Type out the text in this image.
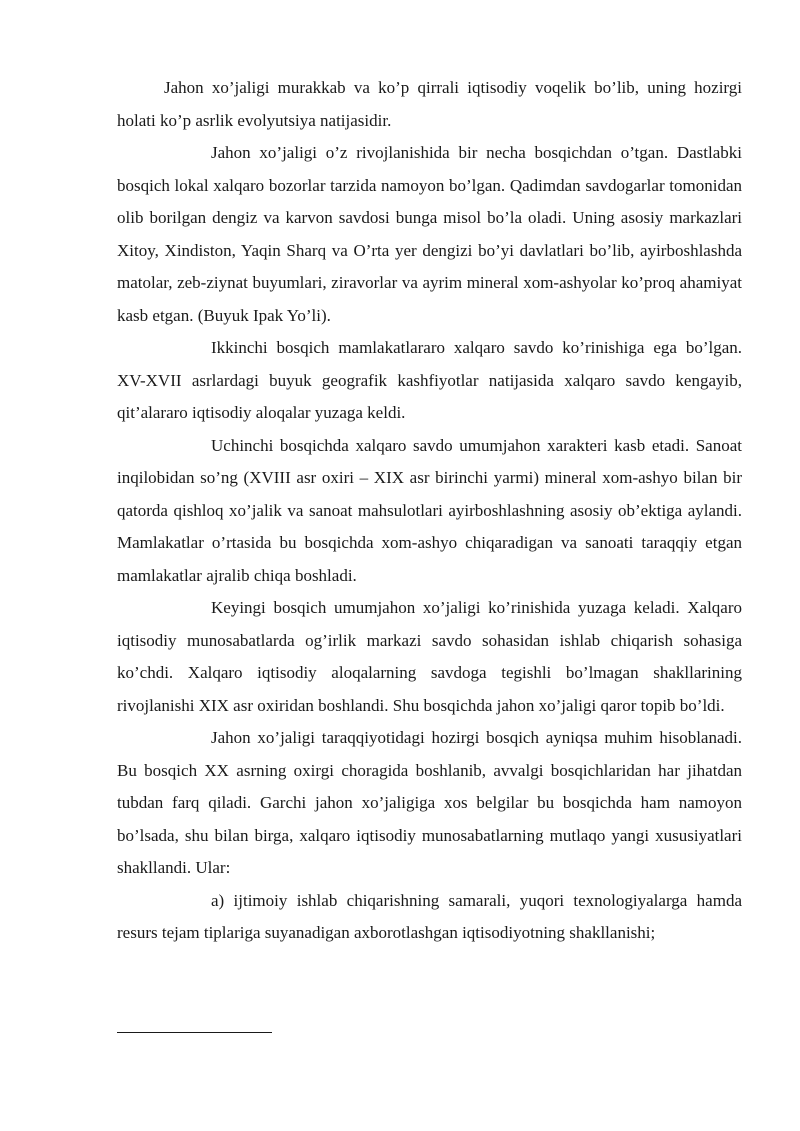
Jahon xo’jaligi murakkab va ko’p qirrali iqtisodiy voqelik bo’lib, uning hozirgi holati ko’p asrlik evolyutsiya natijasidir.

Jahon xo’jaligi o’z rivojlanishida bir necha bosqichdan o’tgan. Dastlabki bosqich lokal xalqaro bozorlar tarzida namoyon bo’lgan. Qadimdan savdogarlar tomonidan olib borilgan dengiz va karvon savdosi bunga misol bo’la oladi. Uning asosiy markazlari Xitoy, Xindiston, Yaqin Sharq va O’rta yer dengizi bo’yi davlatlari bo’lib, ayirboshlashda matolar, zeb-ziynat buyumlari, ziravorlar va ayrim mineral xom-ashyolar ko’proq ahamiyat kasb etgan. (Buyuk Ipak Yo’li).

Ikkinchi bosqich mamlakatlararo xalqaro savdo ko’rinishiga ega bo’lgan. XV-XVII asrlardagi buyuk geografik kashfiyotlar natijasida xalqaro savdo kengayib, qit’alararo iqtisodiy aloqalar yuzaga keldi.

Uchinchi bosqichda xalqaro savdo umumjahon xarakteri kasb etadi. Sanoat inqilobidan so’ng (XVIII asr oxiri – XIX asr birinchi yarmi) mineral xom-ashyo bilan bir qatorda qishloq xo’jalik va sanoat mahsulotlari ayirboshlashning asosiy ob’ektiga aylandi. Mamlakatlar o’rtasida bu bosqichda xom-ashyo chiqaradigan va sanoati taraqqiy etgan mamlakatlar ajralib chiqa boshladi.

Keyingi bosqich umumjahon xo’jaligi ko’rinishida yuzaga keladi. Xalqaro iqtisodiy munosabatlarda og’irlik markazi savdo sohasidan ishlab chiqarish sohasiga ko’chdi. Xalqaro iqtisodiy aloqalarning savdoga tegishli bo’lmagan shakllarining rivojlanishi XIX asr oxiridan boshlandi. Shu bosqichda jahon xo’jaligi qaror topib bo’ldi.

Jahon xo’jaligi taraqqiyotidagi hozirgi bosqich ayniqsa muhim hisoblanadi. Bu bosqich XX asrning oxirgi choragida boshlanib, avvalgi bosqichlaridan har jihatdan tubdan farq qiladi. Garchi jahon xo’jaligiga xos belgilar bu bosqichda ham namoyon bo’lsada, shu bilan birga, xalqaro iqtisodiy munosabatlarning mutlaqo yangi xususiyatlari shakllandi. Ular:

a) ijtimoiy ishlab chiqarishning samarali, yuqori texnologiyalarga hamda resurs tejam tiplariga suyanadigan axborotlashgan iqtisodiyotning shakllanishi;
